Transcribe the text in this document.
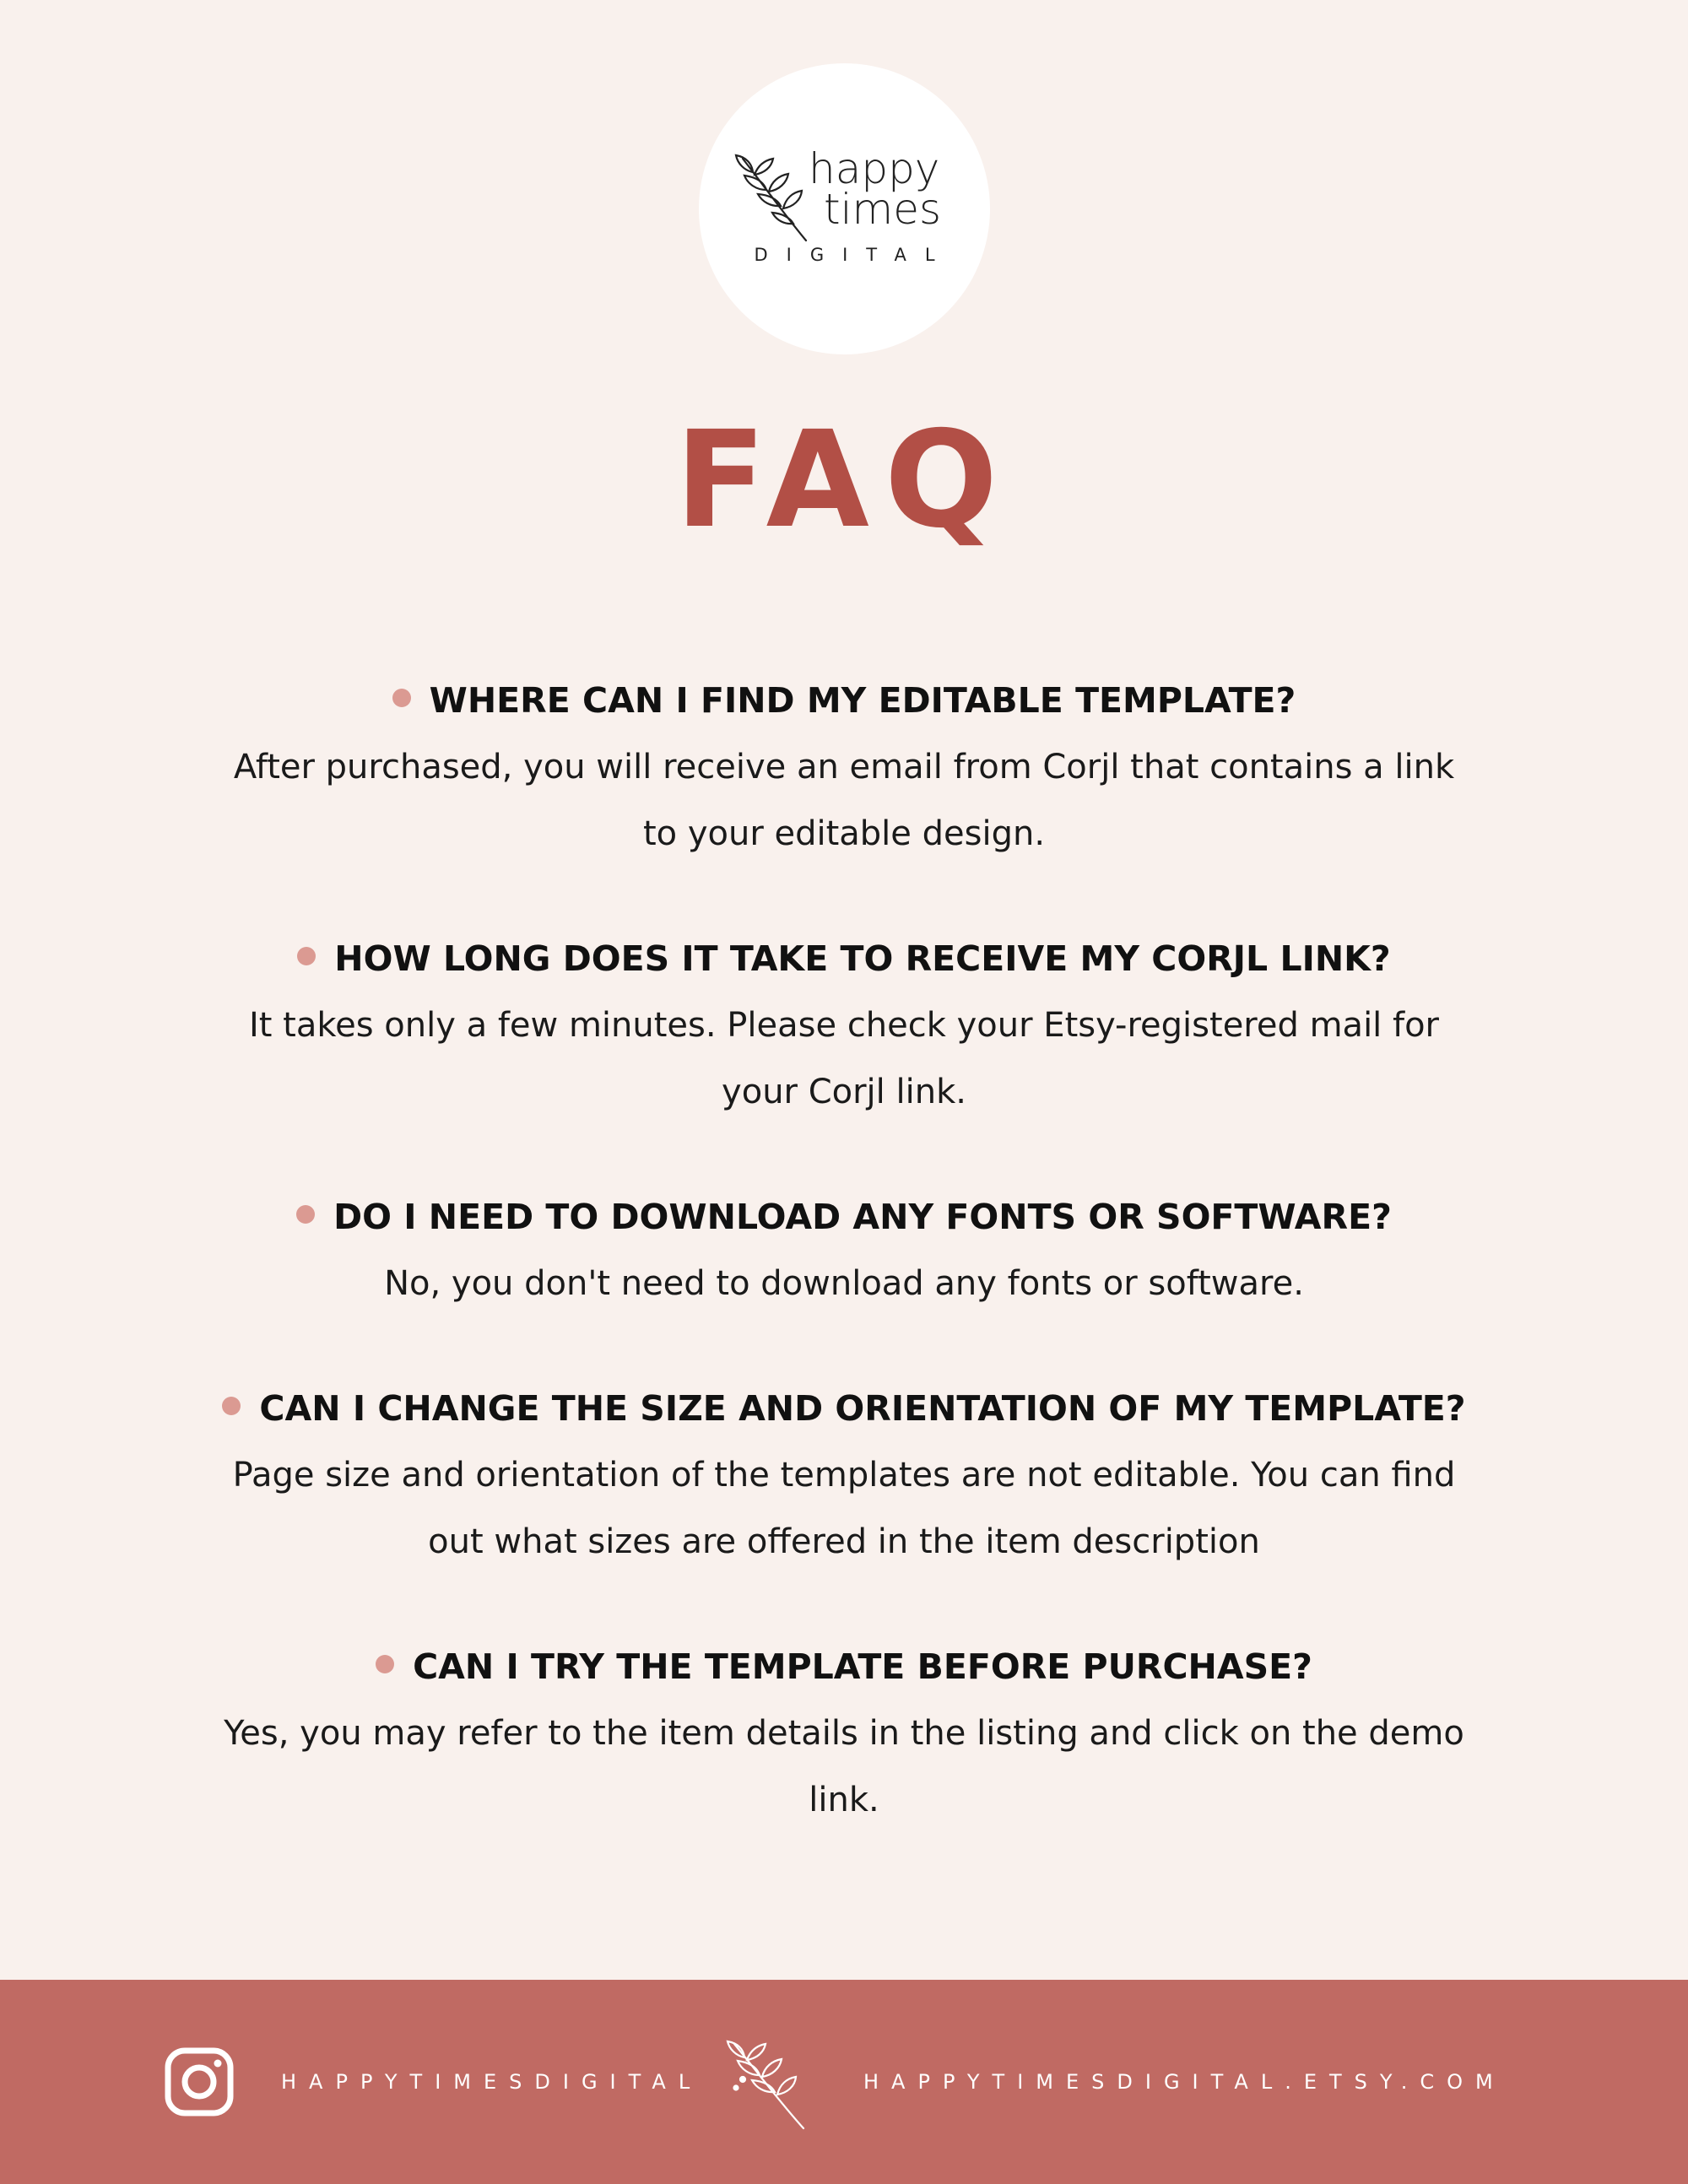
happy
times
DIGITAL
FAQ
WHERE CAN I FIND MY EDITABLE TEMPLATE?
After purchased, you will receive an email from Corjl that contains a link to your editable design.
HOW LONG DOES IT TAKE TO RECEIVE MY CORJL LINK?
It takes only a few minutes. Please check your Etsy-registered mail for your Corjl link.
DO I NEED TO DOWNLOAD ANY FONTS OR SOFTWARE?
No, you don't need to download any fonts or software.
CAN I CHANGE THE SIZE AND ORIENTATION OF MY TEMPLATE?
Page size and orientation of the templates are not editable. You can find out what sizes are offered in the item description
CAN I TRY THE TEMPLATE BEFORE PURCHASE?
Yes, you may refer to the item details in the listing and click on the demo link.
HAPPYTIMESDIGITAL	HAPPYTIMESDIGITAL.ETSY.COM
